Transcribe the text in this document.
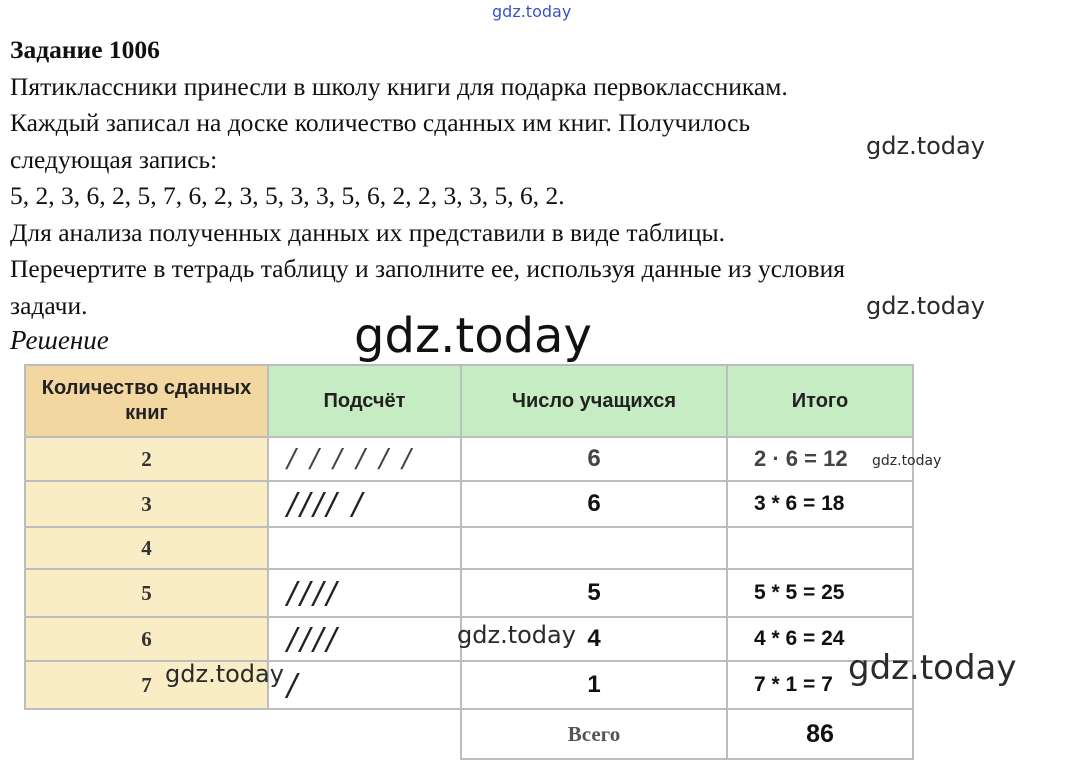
gdz.today
gdz.today
gdz.today

Задание 1006

Пятиклассники принесли в школу книги для подарка первоклассникам.

Каждый записал на доске количество сданных им книг. Получилось

следующая запись:

5, 2, 3, 6, 2, 5, 7, 6, 2, 3, 5, 3, 3, 5, 6, 2, 2, 3, 3, 5, 6, 2.

Для анализа полученных данных их представили в виде таблицы.

Перечертите в тетрадь таблицу и заполните ее, используя данные из условия

задачи.

Решение
Количество сданных книг	Подсчёт	Число учащихся	Итого
2	/ / / / / /	6	2 · 6 = 12
3	//// /	6	3 * 6 = 18
4			
5	////	5	5 * 5 = 25
6	////	4	4 * 6 = 24
7	/	1	7 * 1 = 7
		Всего	86
gdz.today
gdz.today
gdz.today
gdz.today	gdz.today
